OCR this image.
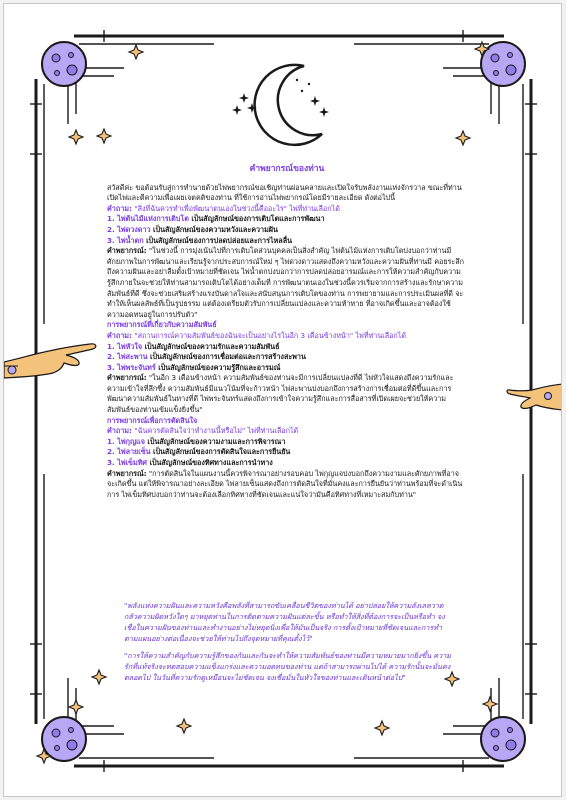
คำพยากรณ์ของท่าน

สวัสดีค่ะ ขอต้อนรับสู่การทำนายด้วยไพ่พยากรณ์ขอเชิญท่านผ่อนคลายและเปิดใจรับพลังงานแห่งจักรวาล ขณะที่ท่านเปิดไพ่และตีความเพื่อเผยเจตคติของท่าน ที่ใช้การอ่านไพ่พยากรณ์โดยมีรายละเอียด ดังต่อไปนี้

คำถาม: "สิ่งที่ฉันควรทำเพื่อพัฒนาตนเองในช่วงนี้คืออะไร" ไพ่ที่ท่านเลือกได้

1. ไพ่ต้นไม้แห่งการเติบโต เป็นสัญลักษณ์ของการเติบโตและการพัฒนา

2. ไพ่ดวงดาว เป็นสัญลักษณ์ของความหวังและความฝัน

3. ไพ่น้ำตก เป็นสัญลักษณ์ของการปลดปล่อยและการไหลลื่น

คำพยากรณ์: "ในช่วงนี้ การมุ่งเน้นไปที่การเติบโตส่วนบุคคลเป็นสิ่งสำคัญ ไพ่ต้นไม้แห่งการเติบโตบ่งบอกว่าท่านมีศักยภาพในการพัฒนาและเรียนรู้จากประสบการณ์ใหม่ ๆ ไพ่ดวงดาวแสดงถึงความหวังและความฝันที่ท่านมี คอยระลึกถึงความฝันและอย่าลืมตั้งเป้าหมายที่ชัดเจน ไพ่น้ำตกบ่งบอกว่าการปลดปล่อยอารมณ์และการให้ความสำคัญกับความรู้สึกภายในจะช่วยให้ท่านสามารถเติบโตได้อย่างเต็มที่ การพัฒนาตนเองในช่วงนี้ควรเริ่มจากการสร้างและรักษาความสัมพันธ์ที่ดี ซึ่งจะช่วยเสริมสร้างแรงบันดาลใจและสนับสนุนการเติบโตของท่าน การพยายามและการประเมินผลที่ดี จะทำให้เห็นผลลัพธ์ที่เป็นรูปธรรม แต่ต้องเตรียมตัวรับการเปลี่ยนแปลงและความท้าทาย ที่อาจเกิดขึ้นและอาจต้องใช้ความอดทนอยู่ในการปรับตัว"

การพยากรณ์ที่เกี่ยวกับความสัมพันธ์

คำถาม: "สถานการณ์ความสัมพันธ์ของฉันจะเป็นอย่างไรในอีก 3 เดือนข้างหน้า" ไพ่ที่ท่านเลือกได้

1. ไพ่หัวใจ เป็นสัญลักษณ์ของความรักและความสัมพันธ์

2. ไพ่สะพาน เป็นสัญลักษณ์ของการเชื่อมต่อและการสร้างสะพาน

3. ไพ่พระจันทร์ เป็นสัญลักษณ์ของความรู้สึกและอารมณ์

คำพยากรณ์: "ในอีก 3 เดือนข้างหน้า ความสัมพันธ์ของท่านจะมีการเปลี่ยนแปลงที่ดี ไพ่หัวใจแสดงถึงความรักและความเข้าใจที่ลึกซึ้ง ความสัมพันธ์มีแนวโน้มที่จะก้าวหน้า ไพ่สะพานบ่งบอกถึงการสร้างการเชื่อมต่อที่ดีขึ้นและการพัฒนาความสัมพันธ์ในทางที่ดี ไพ่พระจันทร์แสดงถึงการเข้าใจความรู้สึกและการสื่อสารที่เปิดเผยจะช่วยให้ความสัมพันธ์ของท่านเข้มแข็งยิ่งขึ้น"

การพยากรณ์เพื่อการตัดสินใจ

คำถาม: "ฉันควรตัดสินใจว่าทำงานนี้หรือไม่" ไพ่ที่ท่านเลือกได้

1. ไพ่กุญแจ เป็นสัญลักษณ์ของความงามและการพิจารณา

2. ไพ่ลายเซ็น เป็นสัญลักษณ์ของการตัดสินใจและการยืนยัน

3. ไพ่เข็มทิศ เป็นสัญลักษณ์ของทิศทางและการนำทาง

คำพยากรณ์: "การตัดสินใจในแผนงานนี้ควรพิจารณาอย่างรอบคอบ ไพ่กุญแจบ่งบอกถึงความงามและศักยภาพที่อาจจะเกิดขึ้น แต่ให้พิจารณาอย่างละเอียด ไพ่ลายเซ็นแสดงถึงการตัดสินใจที่มั่นคงและการยืนยันว่าท่านพร้อมที่จะดำเนินการ ไพ่เข็มทิศบ่งบอกว่าท่านจะต้องเลือกทิศทางที่ชัดเจนและแน่ใจว่ามันคือทิศทางที่เหมาะสมกับท่าน"

"พลังแห่งความฝันและความหวังคือพลังที่สามารถขับเคลื่อนชีวิตของท่านได้ อย่าปล่อยให้ความลังเลหวาดกลัวความผิดหวังใดๆ มาหยุดท่านในการติดตามความฝันแต่ละขั้น หรือทำให้สิ่งที่ต้องการจะเป็นหรือทำ จงเชื่อในความฝันของท่านและทำงานอย่างไม่หยุดนิ่งเพื่อให้มันเป็นจริง การตั้งเป้าหมายที่ชัดเจนและการทำตามแผนอย่างต่อเนื่องจะช่วยให้ท่านไปถึงจุดหมายที่คุณตั้งไว้"

"การให้ความสำคัญกับความรู้สึกของกันและกันจะทำให้ความสัมพันธ์ของท่านมีความหมายมากยิ่งขึ้น ความรักที่แท้จริงจะทดสอบความแข็งแกร่งและความอดทนของท่าน แต่ถ้าสามารถผ่านไปได้ ความรักนั้นจะมั่นคงตลอดไป ในวันที่ความรักดูเหมือนจะไม่ชัดเจน จงเชื่อมั่นในหัวใจของท่านและเดินหน้าต่อไป"
